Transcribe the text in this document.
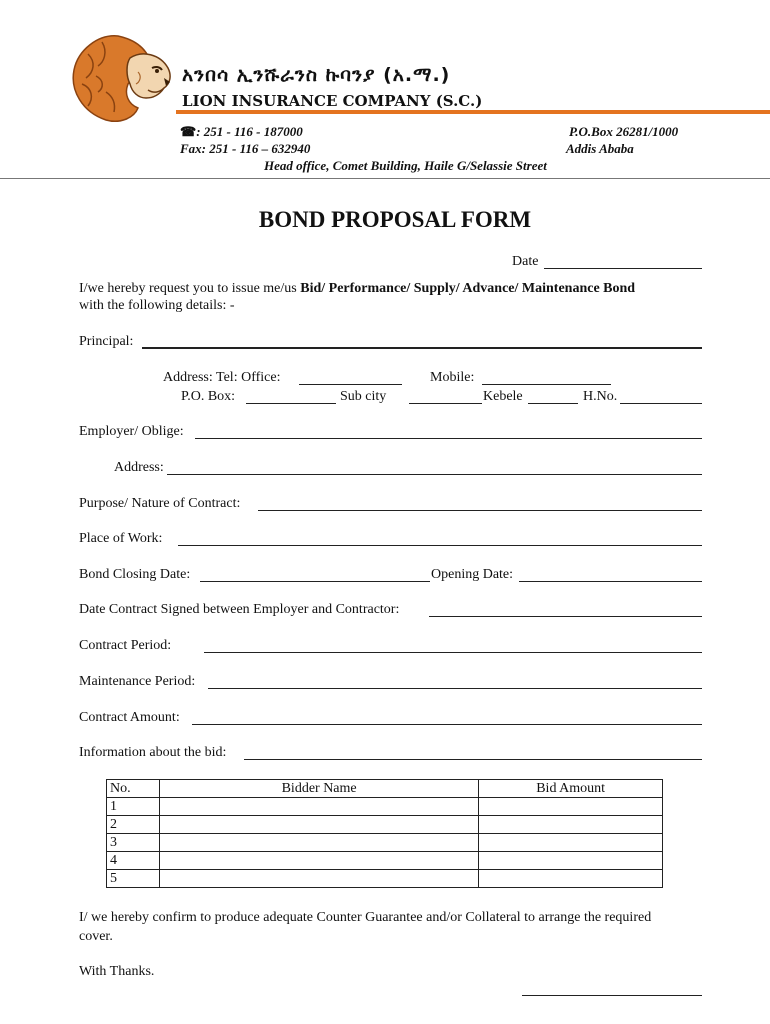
አንበሳ ኢንሹራንስ ኩባንያ (አ.ማ.)
LION INSURANCE COMPANY (S.C.)
☎: 251 - 116 - 187000	P.O.Box 26281/1000
Fax: 251 - 116 – 632940	Addis Ababa
Head office, Comet Building, Haile G/Selassie Street
BOND PROPOSAL FORM
Date
I/we hereby request you to issue me/us Bid/ Performance/ Supply/ Advance/ Maintenance Bond
with the following details: -
Principal:
Address: Tel: Office:	Mobile:
P.O. Box:	Sub city	Kebele	H.No.
Employer/ Oblige:
Address:
Purpose/ Nature of Contract:
Place of Work:
Bond Closing Date:	Opening Date:
Date Contract Signed between Employer and Contractor:
Contract Period:
Maintenance Period:
Contract Amount:
Information about the bid:
No.	Bidder Name	Bid Amount
1		
2		
3		
4		
5		
I/ we hereby confirm to produce adequate Counter Guarantee and/or Collateral to arrange the required
cover.
With Thanks.
